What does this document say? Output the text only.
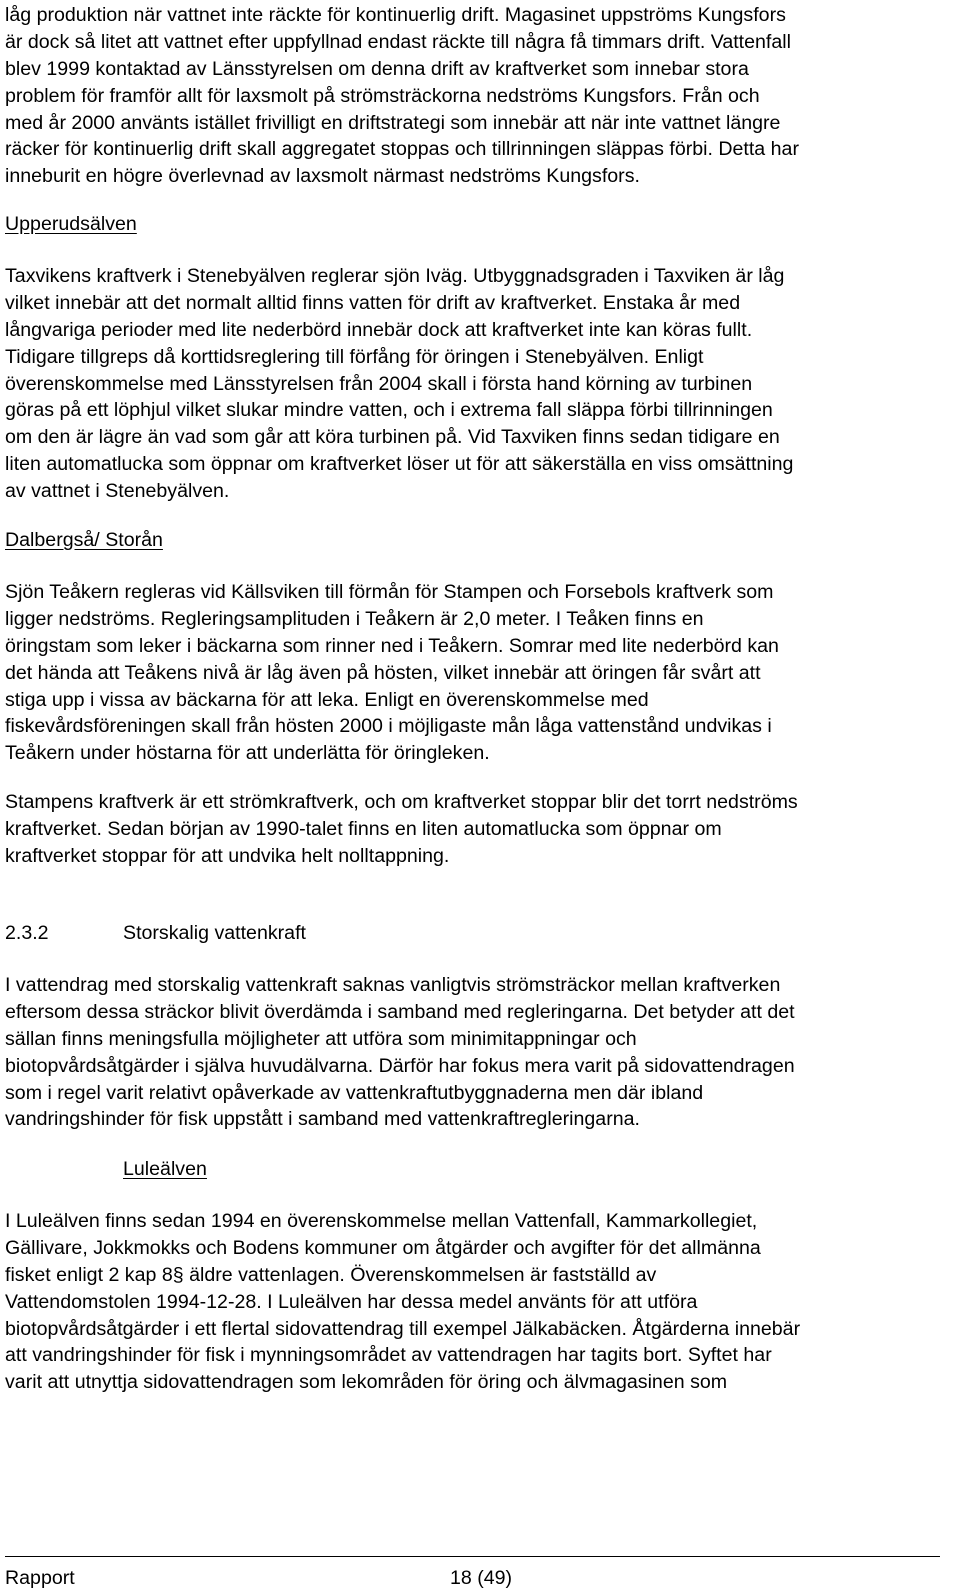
låg produktion när vattnet inte räckte för kontinuerlig drift. Magasinet uppströms Kungsfors
är dock så litet att vattnet efter uppfyllnad endast räckte till några få timmars drift. Vattenfall
blev 1999 kontaktad av Länsstyrelsen om denna drift av kraftverket som innebar stora
problem för framför allt för laxsmolt på strömsträckorna nedströms Kungsfors. Från och
med år 2000 använts istället frivilligt en driftstrategi som innebär att när inte vattnet längre
räcker för kontinuerlig drift skall aggregatet stoppas och tillrinningen släppas förbi. Detta har
inneburit en högre överlevnad av laxsmolt närmast nedströms Kungsfors.
Upperudsälven
Taxvikens kraftverk i Stenebyälven reglerar sjön Iväg. Utbyggnadsgraden i Taxviken är låg
vilket innebär att det normalt alltid finns vatten för drift av kraftverket. Enstaka år med
långvariga perioder med lite nederbörd innebär dock att kraftverket inte kan köras fullt.
Tidigare tillgreps då korttidsreglering till förfång för öringen i Stenebyälven. Enligt
överenskommelse med Länsstyrelsen från 2004 skall i första hand körning av turbinen
göras på ett löphjul vilket slukar mindre vatten, och i extrema fall släppa förbi tillrinningen
om den är lägre än vad som går att köra turbinen på. Vid Taxviken finns sedan tidigare en
liten automatlucka som öppnar om kraftverket löser ut för att säkerställa en viss omsättning
av vattnet i Stenebyälven.
Dalbergså/ Storån
Sjön Teåkern regleras vid Källsviken till förmån för Stampen och Forsebols kraftverk som
ligger nedströms. Regleringsamplituden i Teåkern är 2,0 meter. I Teåken finns en
öringstam som leker i bäckarna som rinner ned i Teåkern. Somrar med lite nederbörd kan
det hända att Teåkens nivå är låg även på hösten, vilket innebär att öringen får svårt att
stiga upp i vissa av bäckarna för att leka. Enligt en överenskommelse med
fiskevårdsföreningen skall från hösten 2000 i möjligaste mån låga vattenstånd undvikas i
Teåkern under höstarna för att underlätta för öringleken.
Stampens kraftverk är ett strömkraftverk, och om kraftverket stoppar blir det torrt nedströms
kraftverket. Sedan början av 1990-talet finns en liten automatlucka som öppnar om
kraftverket stoppar för att undvika helt nolltappning.
2.3.2	Storskalig vattenkraft
I vattendrag med storskalig vattenkraft saknas vanligtvis strömsträckor mellan kraftverken
eftersom dessa sträckor blivit överdämda i samband med regleringarna. Det betyder att det
sällan finns meningsfulla möjligheter att utföra som minimitappningar och
biotopvårdsåtgärder i själva huvudälvarna. Därför har fokus mera varit på sidovattendragen
som i regel varit relativt opåverkade av vattenkraftutbyggnaderna men där ibland
vandringshinder för fisk uppstått i samband med vattenkraftregleringarna.
Luleälven
I Luleälven finns sedan 1994 en överenskommelse mellan Vattenfall, Kammarkollegiet,
Gällivare, Jokkmokks och Bodens kommuner om åtgärder och avgifter för det allmänna
fisket enligt 2 kap 8§ äldre vattenlagen. Överenskommelsen är fastställd av
Vattendomstolen 1994-12-28. I Luleälven har dessa medel använts för att utföra
biotopvårdsåtgärder i ett flertal sidovattendrag till exempel Jälkabäcken. Åtgärderna innebär
att vandringshinder för fisk i mynningsområdet av vattendragen har tagits bort. Syftet har
varit att utnyttja sidovattendragen som lekområden för öring och älvmagasinen som
Rapport	18 (49)
